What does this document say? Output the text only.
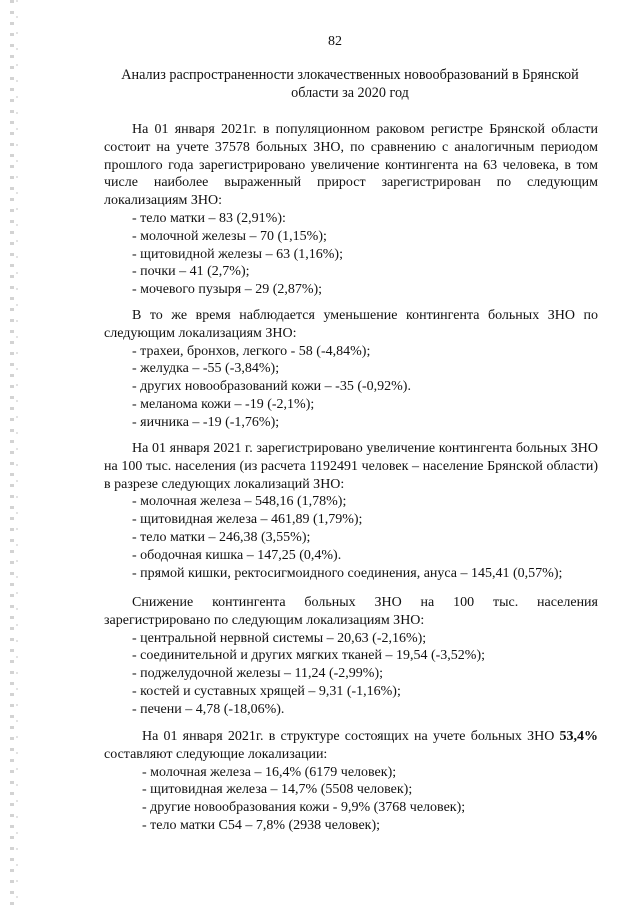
82
Анализ распространенности злокачественных новообразований в Брянской области за 2020 год

На 01 января 2021г. в популяционном раковом регистре Брянской области состоит на учете 37578 больных ЗНО, по сравнению с аналогичным периодом прошлого года зарегистрировано увеличение контингента на 63 человека, в том числе наиболее выраженный прирост зарегистрирован по следующим локализациям ЗНО:

- тело матки – 83 (2,91%):
- молочной железы – 70 (1,15%);
- щитовидной железы – 63 (1,16%);
- почки – 41 (2,7%);
- мочевого пузыря – 29 (2,87%);

В то же время наблюдается уменьшение контингента больных ЗНО по следующим локализациям ЗНО:

- трахеи, бронхов, легкого - 58 (-4,84%);
- желудка – -55 (-3,84%);
- других новообразований кожи – -35 (-0,92%).
- меланома кожи – -19 (-2,1%);
- яичника – -19 (-1,76%);

На 01 января 2021 г. зарегистрировано увеличение контингента больных ЗНО на 100 тыс. населения (из расчета 1192491 человек – население Брянской области) в разрезе следующих локализаций ЗНО:

- молочная железа – 548,16 (1,78%);
- щитовидная железа – 461,89 (1,79%);
- тело матки – 246,38 (3,55%);
- ободочная кишка – 147,25 (0,4%).
- прямой кишки, ректосигмоидного соединения, ануса – 145,41 (0,57%);

Снижение контингента больных ЗНО на 100 тыс. населения зарегистрировано по следующим локализациям ЗНО:

- центральной нервной системы – 20,63 (-2,16%);
- соединительной и других мягких тканей – 19,54 (-3,52%);
- поджелудочной железы – 11,24 (-2,99%);
- костей и суставных хрящей – 9,31 (-1,16%);
- печени – 4,78 (-18,06%).

На 01 января 2021г. в структуре состоящих на учете больных ЗНО 53,4% составляют следующие локализации:

- молочная железа – 16,4% (6179 человек);
- щитовидная железа – 14,7% (5508 человек);
- другие новообразования кожи - 9,9% (3768 человек);
- тело матки С54 – 7,8% (2938 человек);
